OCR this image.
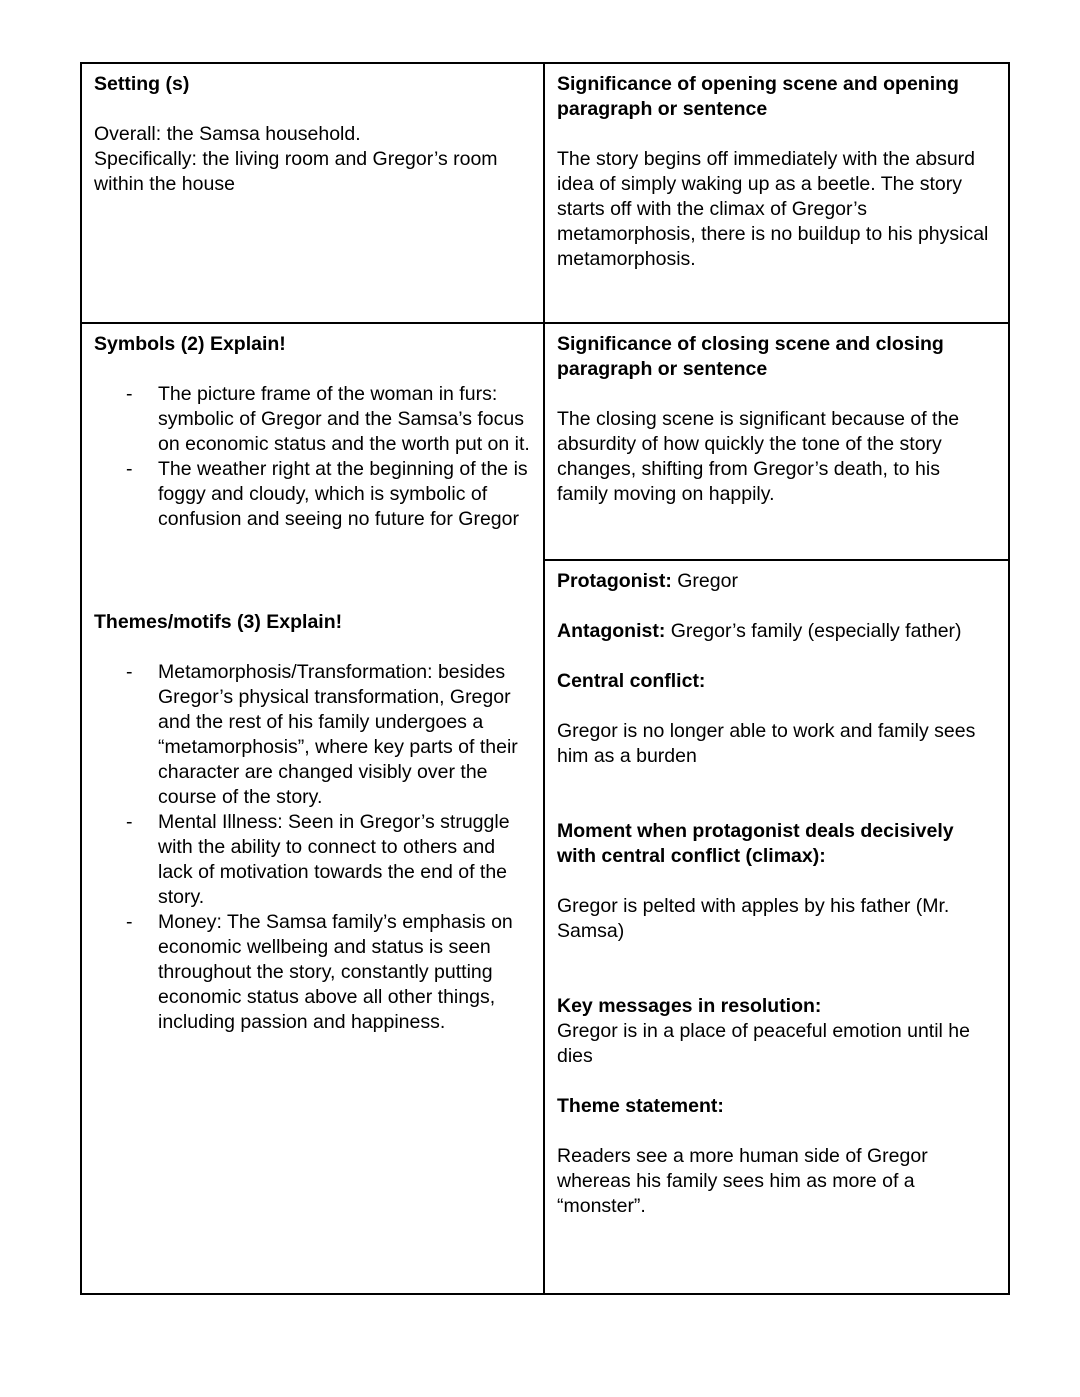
Setting (s)
Overall: the Samsa household.
Specifically: the living room and Gregor’s room within the house
Symbols (2) Explain!
-
The picture frame of the woman in furs: symbolic of Gregor and the Samsa’s focus on economic status and the worth put on it.
-
The weather right at the beginning of the is foggy and cloudy, which is symbolic of confusion and seeing no future for Gregor
Themes/motifs (3) Explain!
-
Metamorphosis/Transformation: besides Gregor’s physical transformation, Gregor and the rest of his family undergoes a “metamorphosis”, where key parts of their character are changed visibly over the course of the story.
-
Mental Illness: Seen in Gregor’s struggle with the ability to connect to others and lack of motivation towards the end of the story.
-
Money: The Samsa family’s emphasis on economic wellbeing and status is seen throughout the story, constantly putting economic status above all other things, including passion and happiness.
Significance of opening scene and opening paragraph or sentence
The story begins off immediately with the absurd idea of simply waking up as a beetle. The story starts off with the climax of Gregor’s metamorphosis, there is no buildup to his physical metamorphosis.
Significance of closing scene and closing paragraph or sentence
The closing scene is significant because of the absurdity of how quickly the tone of the story changes, shifting from Gregor’s death, to his family moving on happily.
Protagonist: Gregor
Antagonist: Gregor’s family (especially father)
Central conflict:
Gregor is no longer able to work and family sees him as a burden
Moment when protagonist deals decisively with central conflict (climax):
Gregor is pelted with apples by his father (Mr. Samsa)
Key messages in resolution:
Gregor is in a place of peaceful emotion until he dies
Theme statement:
Readers see a more human side of Gregor whereas his family sees him as more of a “monster”.
